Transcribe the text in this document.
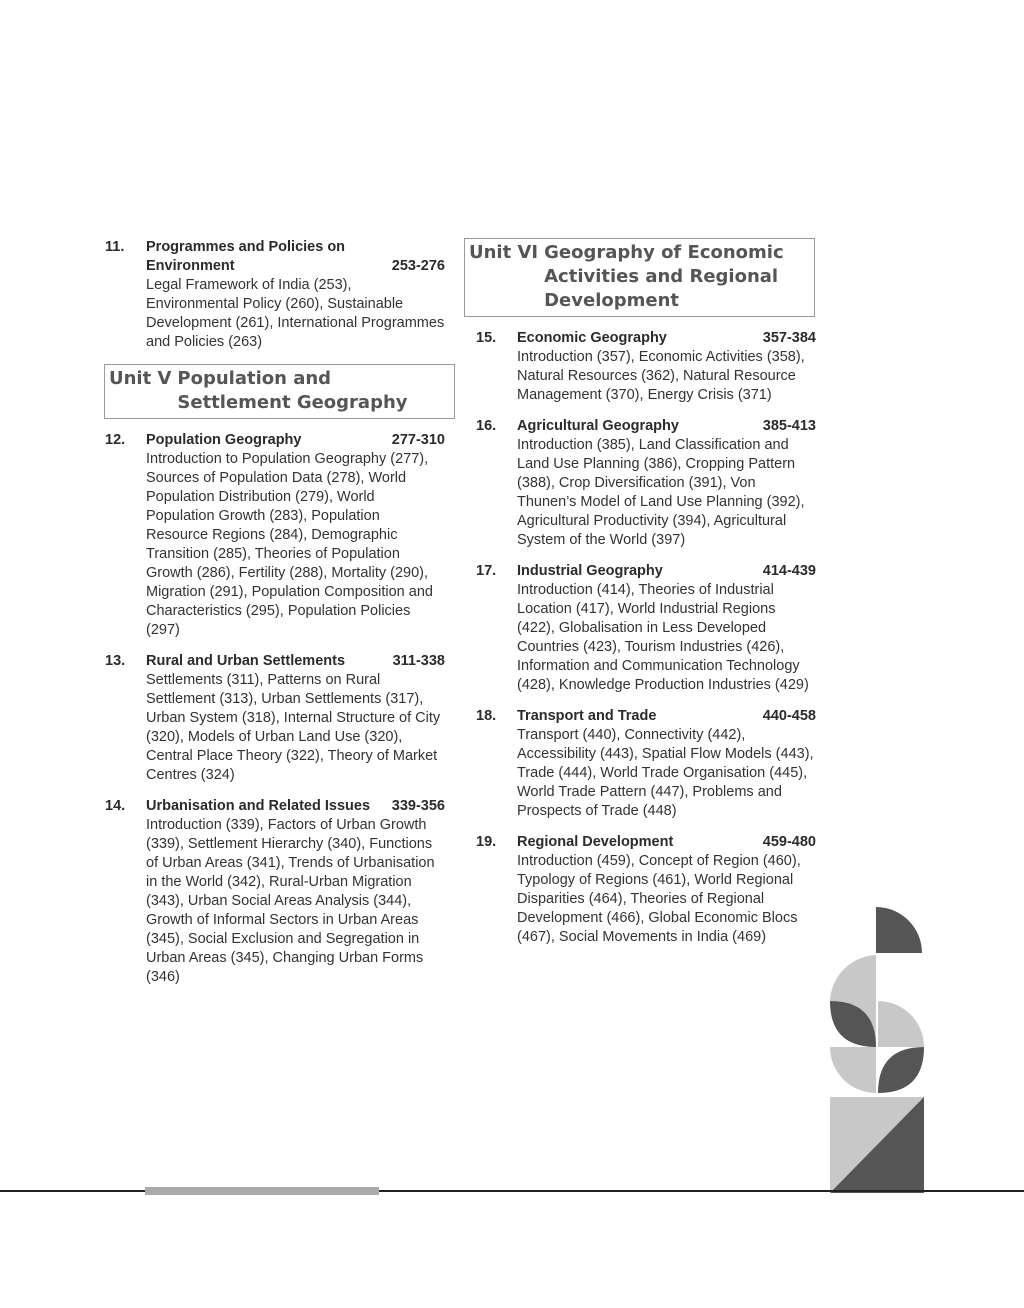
11.	Programmes and Policies on Environment	253-276
Legal Framework of India (253), Environmental Policy (260), Sustainable Development (261), International Programmes and Policies (263)
Unit V Population and Settlement Geography
12.	Population Geography	277-310
Introduction to Population Geography (277), Sources of Population Data (278), World Population Distribution (279), World Population Growth (283), Population Resource Regions (284), Demographic Transition (285), Theories of Population Growth (286), Fertility (288), Mortality (290), Migration (291), Population Composition and Characteristics (295), Population Policies (297)
13.	Rural and Urban Settlements	311-338
Settlements (311), Patterns on Rural Settlement (313), Urban Settlements (317), Urban System (318), Internal Structure of City (320), Models of Urban Land Use (320), Central Place Theory (322), Theory of Market Centres (324)
14.	Urbanisation and Related Issues	339-356
Introduction (339), Factors of Urban Growth (339), Settlement Hierarchy (340), Functions of Urban Areas (341), Trends of Urbanisation in the World (342), Rural-Urban Migration (343), Urban Social Areas Analysis (344), Growth of Informal Sectors in Urban Areas (345), Social Exclusion and Segregation in Urban Areas (345), Changing Urban Forms (346)
Unit VI Geography of Economic Activities and Regional Development
15.	Economic Geography	357-384
Introduction (357), Economic Activities (358), Natural Resources (362), Natural Resource Management (370), Energy Crisis (371)
16.	Agricultural Geography	385-413
Introduction (385), Land Classification and Land Use Planning (386), Cropping Pattern (388), Crop Diversification (391), Von Thunen’s Model of Land Use Planning (392), Agricultural Productivity (394), Agricultural System of the World (397)
17.	Industrial Geography	414-439
Introduction (414), Theories of Industrial Location (417), World Industrial Regions (422), Globalisation in Less Developed Countries (423), Tourism Industries (426), Information and Communication Technology (428), Knowledge Production Industries (429)
18.	Transport and Trade	440-458
Transport (440), Connectivity (442), Accessibility (443), Spatial Flow Models (443), Trade (444), World Trade Organisation (445), World Trade Pattern (447), Problems and Prospects of Trade (448)
19.	Regional Development	459-480
Introduction (459), Concept of Region (460), Typology of Regions (461), World Regional Disparities (464), Theories of Regional Development (466), Global Economic Blocs (467), Social Movements in India (469)
